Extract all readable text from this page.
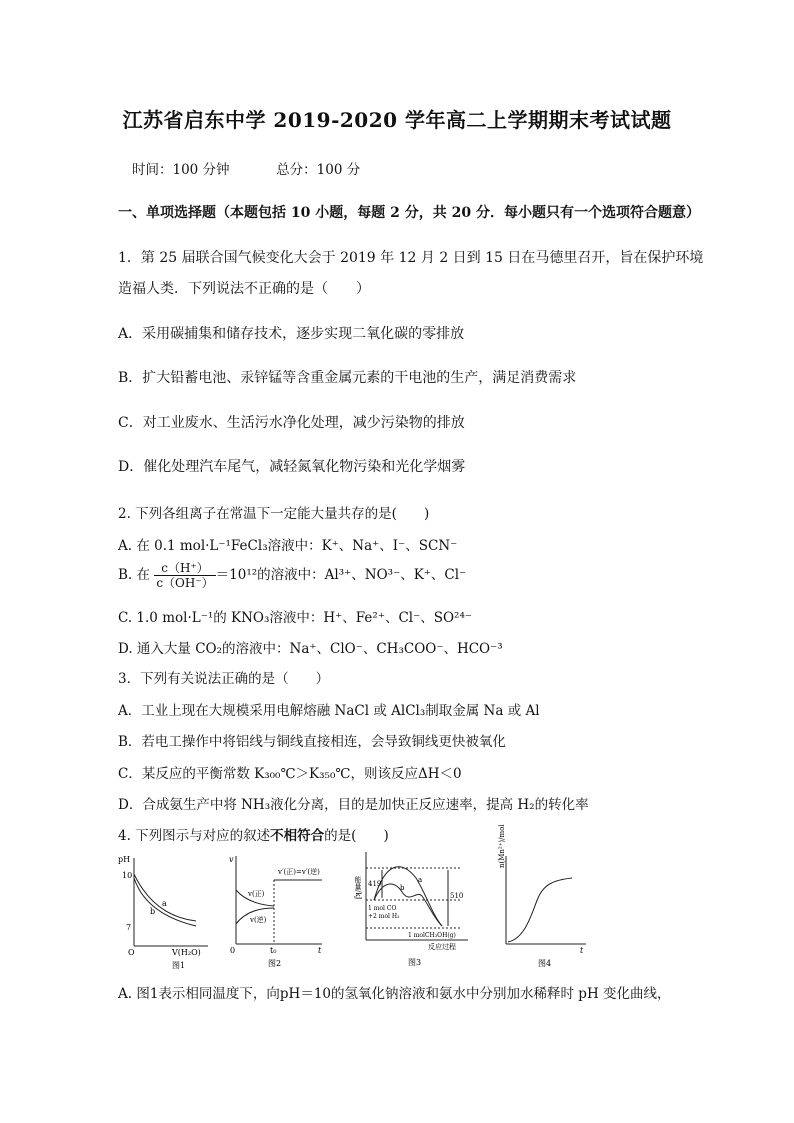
江苏省启东中学 2019-2020 学年高二上学期期末考试试题
时间：100 分钟	总分：100 分
一、单项选择题（本题包括 10 小题，每题 2 分，共 20 分．每小题只有一个选项符合题意）
1．第 25 届联合国气候变化大会于 2019 年 12 月 2 日到 15 日在马德里召开，旨在保护环境
造福人类．下列说法不正确的是（　　）
A．采用碳捕集和储存技术，逐步实现二氧化碳的零排放
B．扩大铅蓄电池、汞锌锰等含重金属元素的干电池的生产，满足消费需求
C．对工业废水、生活污水净化处理，减少污染物的排放
D．催化处理汽车尾气，减轻氮氧化物污染和光化学烟雾
2. 下列各组离子在常温下一定能大量共存的是(　　)
A. 在 0.1 mol·L⁻¹FeCl₃溶液中：K⁺、Na⁺、I⁻、SCN⁻
B. 在 $\frac{c(H^+)}{c(OH^-)} =10^{12}$的溶液中：Al³⁺、NO³⁻、K⁺、Cl⁻
C. 1.0 mol·L⁻¹的 KNO₃溶液中：H⁺、Fe²⁺、Cl⁻、SO²⁴⁻
D. 通入大量 CO₂的溶液中：Na⁺、ClO⁻、CH₃COO⁻、HCO⁻³
3．下列有关说法正确的是（　　）
A．工业上现在大规模采用电解熔融 NaCl 或 AlCl₃制取金属 Na 或 Al
B．若电工操作中将铝线与铜线直接相连，会导致铜线更快被氧化
C．某反应的平衡常数 K₃₀₀℃＞K₃₅₀℃，则该反应ΔH＜0
D．合成氨生产中将 NH₃液化分离，目的是加快正反应速率，提高 H₂的转化率
4. 下列图示与对应的叙述不相符合的是(　　)
pH
10
7
O	V(H₂O)
a
b
图1
v
v(正)
v(逆)
v′(正)=v′(逆)
0	t₀	t
图2
能量/kJ 419
510
a
b
1 mol CO
+2 mol H₂
1 molCH₃OH(g)
反应过程
图3
n(Mn²⁺)/mol
t
图4
A. 图1表示相同温度下，向pH＝10的氢氧化钠溶液和氨水中分别加水稀释时 pH 变化曲线，
